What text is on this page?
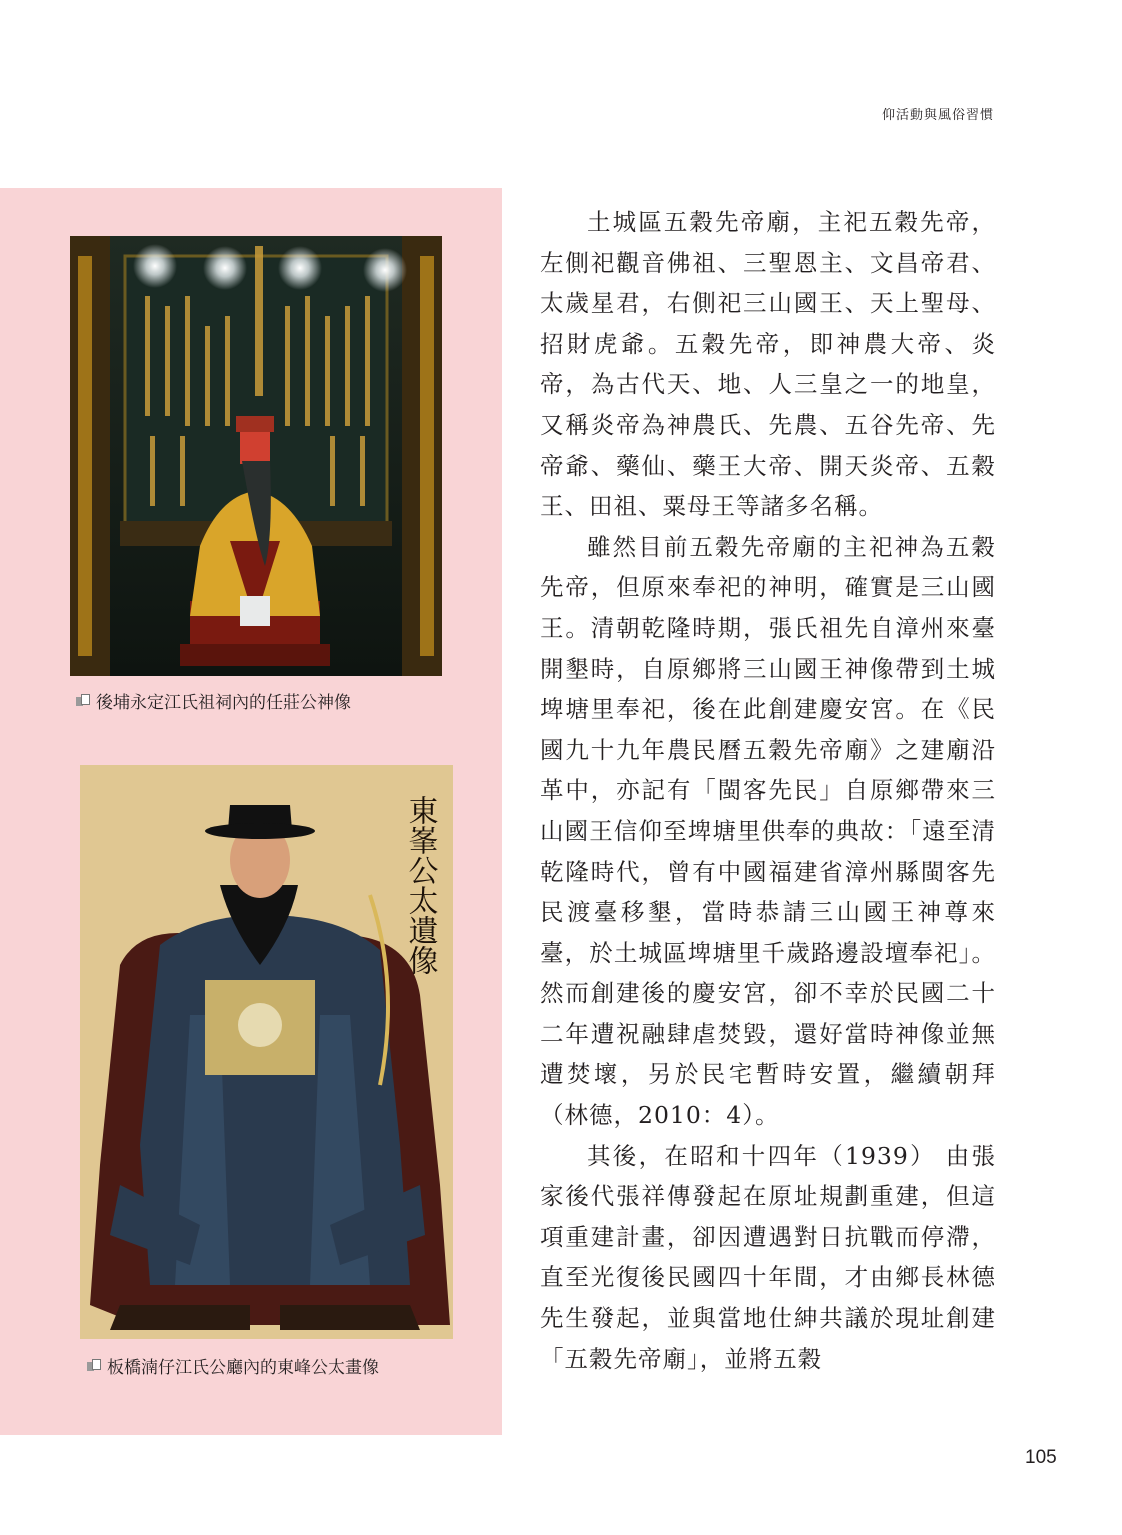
仰活動與風俗習慣
後埔永定江氏祖祠內的任莊公神像
東峯公太遺像
板橋湳仔江氏公廳內的東峰公太畫像

土城區五穀先帝廟，主祀五穀先帝，左側祀觀音佛祖、三聖恩主、文昌帝君、太歲星君，右側祀三山國王、天上聖母、招財虎爺。五穀先帝，即神農大帝、炎帝，為古代天、地、人三皇之一的地皇，又稱炎帝為神農氏、先農、五谷先帝、先帝爺、藥仙、藥王大帝、開天炎帝、五穀王、田祖、粟母王等諸多名稱。

雖然目前五穀先帝廟的主祀神為五穀先帝，但原來奉祀的神明，確實是三山國王。清朝乾隆時期，張氏祖先自漳州來臺開墾時，自原鄉將三山國王神像帶到土城埤塘里奉祀，後在此創建慶安宮。在《民國九十九年農民曆五穀先帝廟》之建廟沿革中，亦記有「閩客先民」自原鄉帶來三山國王信仰至埤塘里供奉的典故：「遠至清乾隆時代，曾有中國福建省漳州縣閩客先民渡臺移墾，當時恭請三山國王神尊來臺，於土城區埤塘里千歲路邊設壇奉祀」。然而創建後的慶安宮，卻不幸於民國二十二年遭祝融肆虐焚毀，還好當時神像並無遭焚壞，另於民宅暫時安置，繼續朝拜（林德，2010：4）。

其後，在昭和十四年（1939） 由張家後代張祥傳發起在原址規劃重建，但這項重建計畫，卻因遭遇對日抗戰而停滯，直至光復後民國四十年間，才由鄉長林德先生發起，並與當地仕紳共議於現址創建「五穀先帝廟」，並將五穀

105
